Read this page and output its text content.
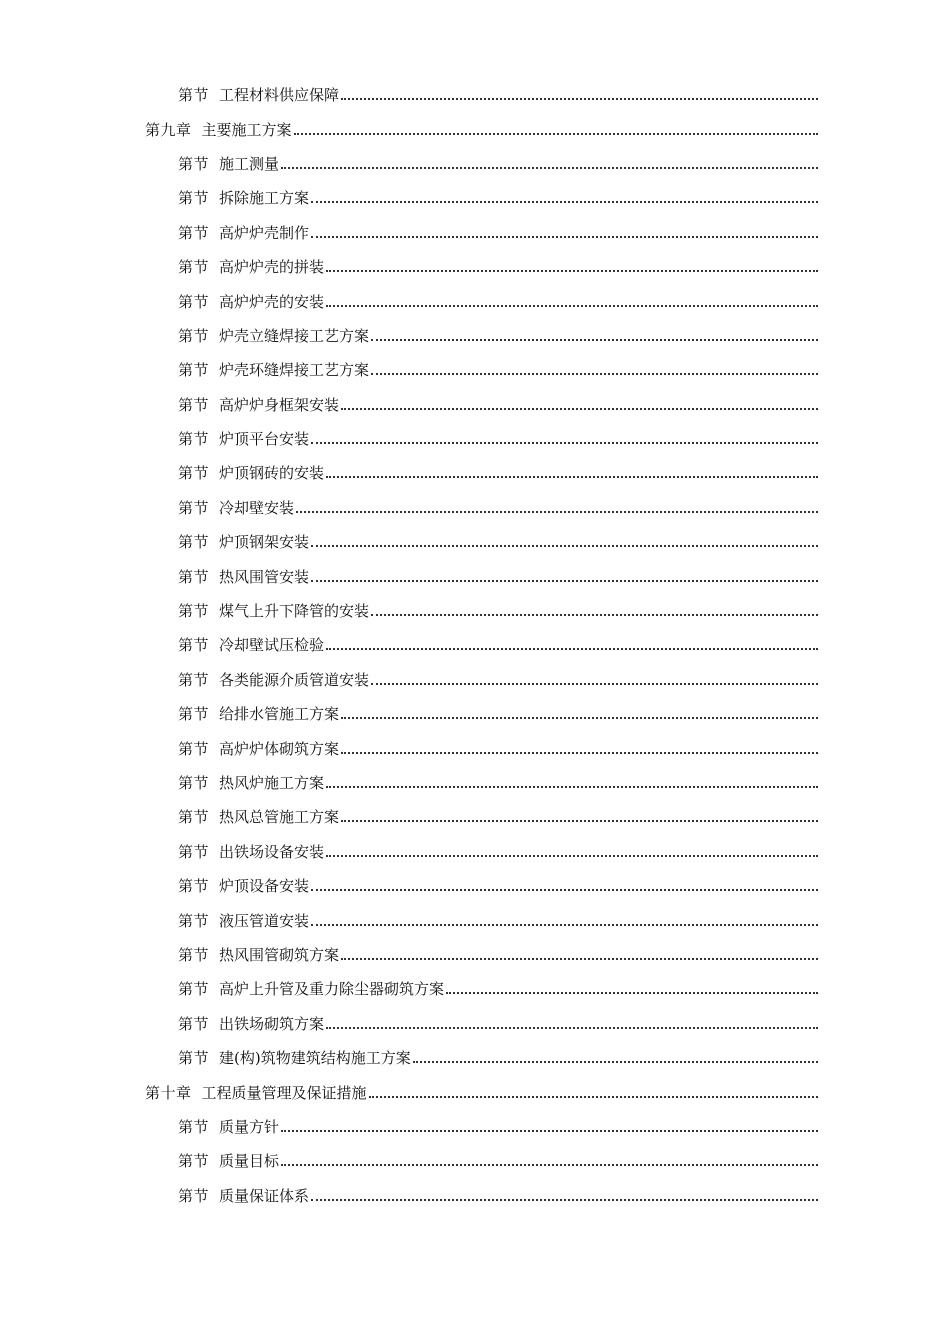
第节 工程材料供应保障
第九章 主要施工方案
第节 施工测量
第节 拆除施工方案
第节 高炉炉壳制作
第节 高炉炉壳的拼装
第节 高炉炉壳的安装
第节 炉壳立缝焊接工艺方案
第节 炉壳环缝焊接工艺方案
第节 高炉炉身框架安装
第节 炉顶平台安装
第节 炉顶钢砖的安装
第节 冷却壁安装
第节 炉顶钢架安装
第节 热风围管安装
第节 煤气上升下降管的安装
第节 冷却壁试压检验
第节 各类能源介质管道安装
第节 给排水管施工方案
第节 高炉炉体砌筑方案
第节 热风炉施工方案
第节 热风总管施工方案
第节 出铁场设备安装
第节 炉顶设备安装
第节 液压管道安装
第节 热风围管砌筑方案
第节 高炉上升管及重力除尘器砌筑方案
第节 出铁场砌筑方案
第节 建(构)筑物建筑结构施工方案
第十章 工程质量管理及保证措施
第节 质量方针
第节 质量目标
第节 质量保证体系
